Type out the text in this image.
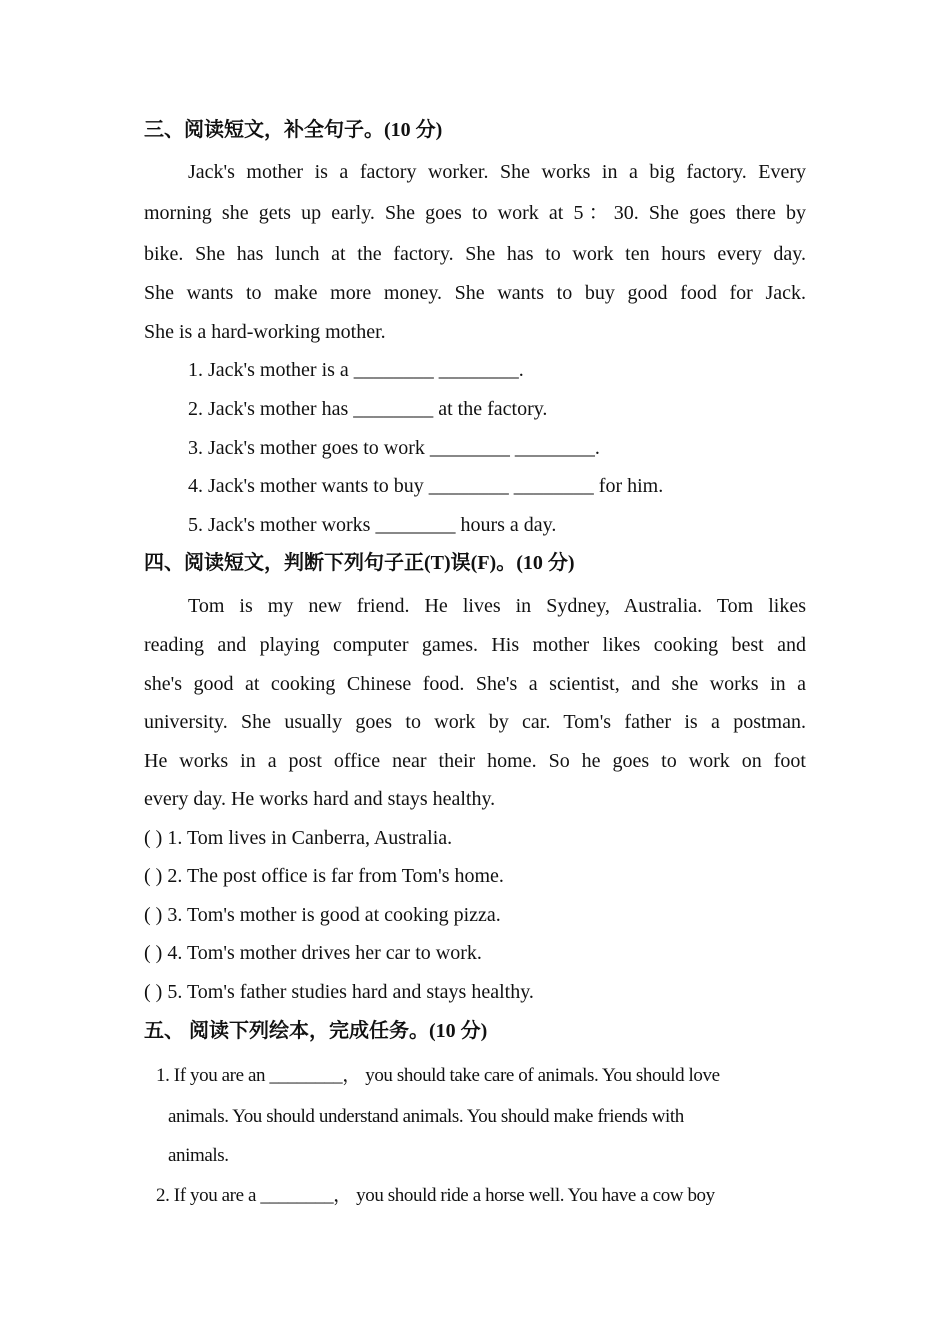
三、阅读短文，补全句子。(10 分)
Jack's mother is a factory worker. She works in a big factory. Every
morning she gets up early. She goes to work at 5：30. She goes there by
bike. She has lunch at the factory. She has to work ten hours every day.
She wants to make more money. She wants to buy good food for Jack.
She is a hard-working mother.
1. Jack's mother is a ________ ________.
2. Jack's mother has ________ at the factory.
3. Jack's mother goes to work ________ ________.
4. Jack's mother wants to buy ________ ________ for him.
5. Jack's mother works ________ hours a day.
四、阅读短文，判断下列句子正(T)误(F)。(10 分)
Tom is my new friend. He lives in Sydney, Australia. Tom likes
reading and playing computer games. His mother likes cooking best and
she's good at cooking Chinese food. She's a scientist, and she works in a
university. She usually goes to work by car. Tom's father is a postman.
He works in a post office near their home. So he goes to work on foot
every day. He works hard and stays healthy.
( ) 1. Tom lives in Canberra, Australia.
( ) 2. The post office is far from Tom's home.
( ) 3. Tom's mother is good at cooking pizza.
( ) 4. Tom's mother drives her car to work.
( ) 5. Tom's father studies hard and stays healthy.
五、 阅读下列绘本，完成任务。(10 分)
1. If you are an ________， you should take care of animals. You should love
animals. You should understand animals. You should make friends with
animals.
2. If you are a ________， you should ride a horse well. You have a cow boy
